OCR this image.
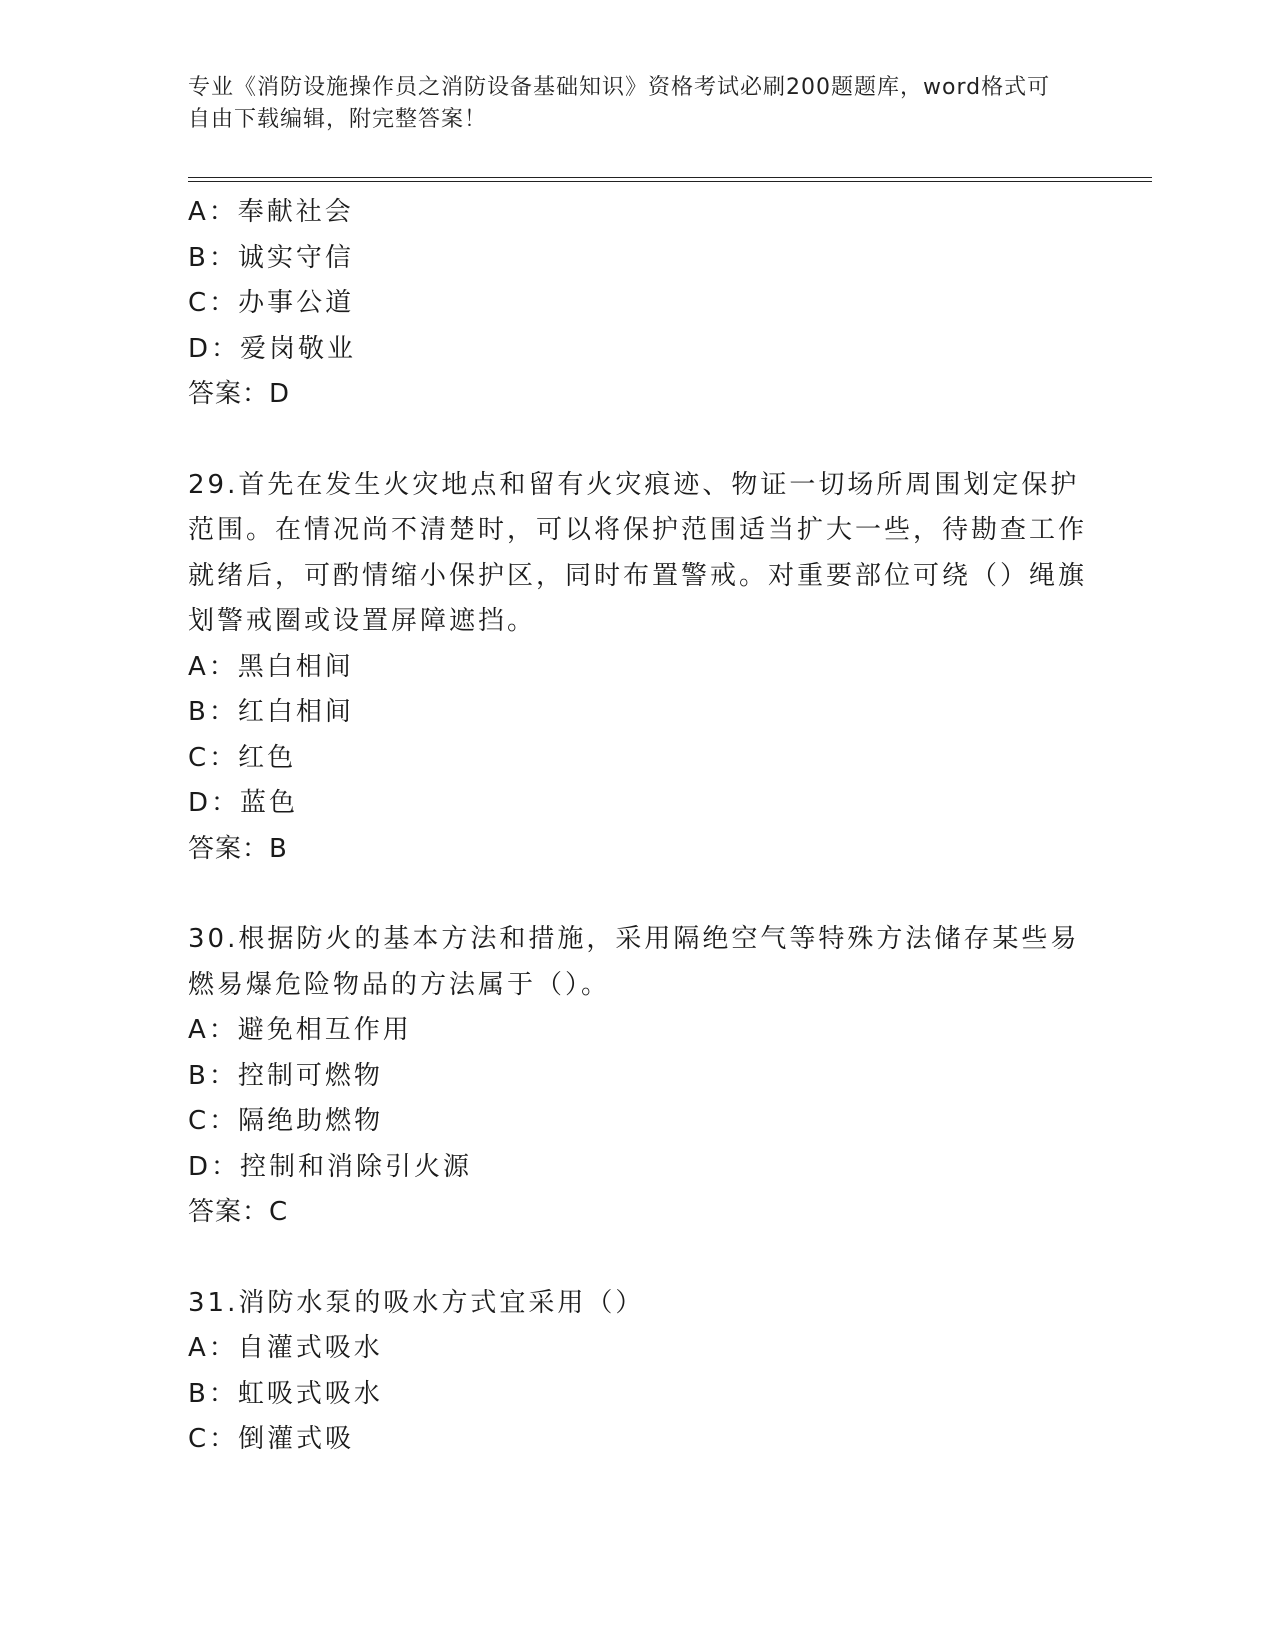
专业《消防设施操作员之消防设备基础知识》资格考试必刷200题题库，word格式可自由下载编辑，附完整答案！
A：奉献社会
B：诚实守信
C：办事公道
D：爱岗敬业
答案：D
29.首先在发生火灾地点和留有火灾痕迹、物证一切场所周围划定保护范围。在情况尚不清楚时，可以将保护范围适当扩大一些，待勘查工作就绪后，可酌情缩小保护区，同时布置警戒。对重要部位可绕（）绳旗划警戒圈或设置屏障遮挡。
A：黑白相间
B：红白相间
C：红色
D：蓝色
答案：B
30.根据防火的基本方法和措施，采用隔绝空气等特殊方法储存某些易燃易爆危险物品的方法属于（）。
A：避免相互作用
B：控制可燃物
C：隔绝助燃物
D：控制和消除引火源
答案：C
31.消防水泵的吸水方式宜采用（）
A：自灌式吸水
B：虹吸式吸水
C：倒灌式吸
